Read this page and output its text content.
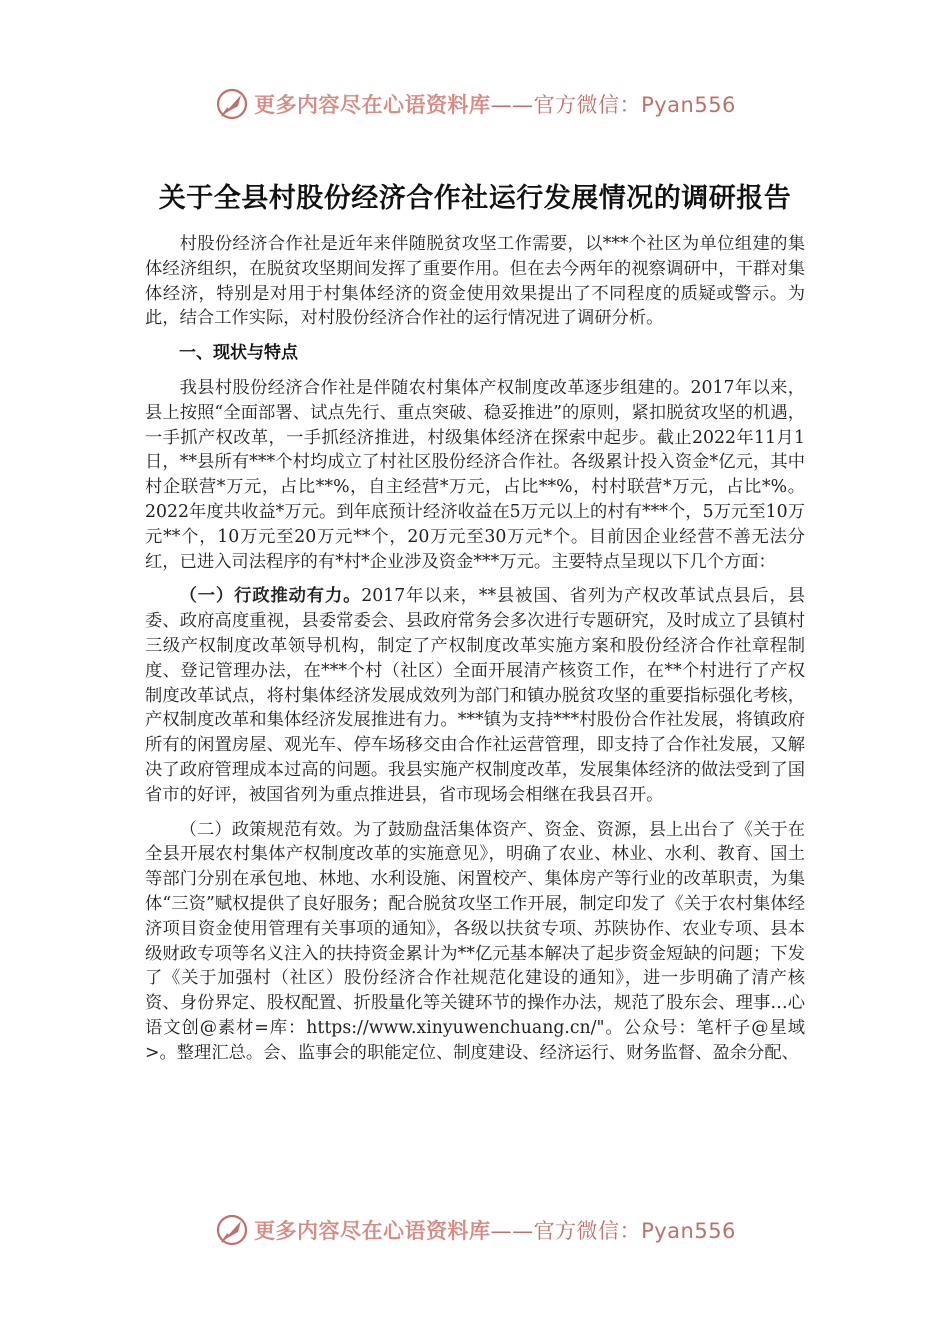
更多内容尽在心语资料库——官方微信：Pyan556
关于全县村股份经济合作社运行发展情况的调研报告

村股份经济合作社是近年来伴随脱贫攻坚工作需要，以***个社区为单位组建的集体经济组织，在脱贫攻坚期间发挥了重要作用。但在去今两年的视察调研中，干群对集体经济，特别是对用于村集体经济的资金使用效果提出了不同程度的质疑或警示。为此，结合工作实际，对村股份经济合作社的运行情况进了调研分析。

一、现状与特点

我县村股份经济合作社是伴随农村集体产权制度改革逐步组建的。2017年以来，县上按照“全面部署、试点先行、重点突破、稳妥推进”的原则，紧扣脱贫攻坚的机遇，一手抓产权改革，一手抓经济推进，村级集体经济在探索中起步。截止2022年11月1日，**县所有***个村均成立了村社区股份经济合作社。各级累计投入资金*亿元，其中村企联营*万元，占比**%，自主经营*万元，占比**%，村村联营*万元，占比*%。2022年度共收益*万元。到年底预计经济收益在5万元以上的村有***个，5万元至10万元**个，10万元至20万元**个，20万元至30万元*个。目前因企业经营不善无法分红，已进入司法程序的有*村*企业涉及资金***万元。主要特点呈现以下几个方面：

（一）行政推动有力。2017年以来，**县被国、省列为产权改革试点县后，县委、政府高度重视，县委常委会、县政府常务会多次进行专题研究，及时成立了县镇村三级产权制度改革领导机构，制定了产权制度改革实施方案和股份经济合作社章程制度、登记管理办法，在***个村（社区）全面开展清产核资工作，在**个村进行了产权制度改革试点，将村集体经济发展成效列为部门和镇办脱贫攻坚的重要指标强化考核，产权制度改革和集体经济发展推进有力。***镇为支持***村股份合作社发展，将镇政府所有的闲置房屋、观光车、停车场移交由合作社运营管理，即支持了合作社发展，又解决了政府管理成本过高的问题。我县实施产权制度改革，发展集体经济的做法受到了国省市的好评，被国省列为重点推进县，省市现场会相继在我县召开。

（二）政策规范有效。为了鼓励盘活集体资产、资金、资源，县上出台了《关于在全县开展农村集体产权制度改革的实施意见》，明确了农业、林业、水利、教育、国土等部门分别在承包地、林地、水利设施、闲置校产、集体房产等行业的改革职责，为集体“三资”赋权提供了良好服务；配合脱贫攻坚工作开展，制定印发了《关于农村集体经济项目资金使用管理有关事项的通知》，各级以扶贫专项、苏陕协作、农业专项、县本级财政专项等名义注入的扶持资金累计为**亿元基本解决了起步资金短缺的问题；下发了《关于加强村（社区）股份经济合作社规范化建设的通知》，进一步明确了清产核资、身份界定、股权配置、折股量化等关键环节的操作办法，规范了股东会、理事…心语文创@素材=库：https://www.xinyuwenchuang.cn/"。公众号：笔杆子@星域>。整理汇总。会、监事会的职能定位、制度建设、经济运行、财务监督、盈余分配、

更多内容尽在心语资料库——官方微信：Pyan556
